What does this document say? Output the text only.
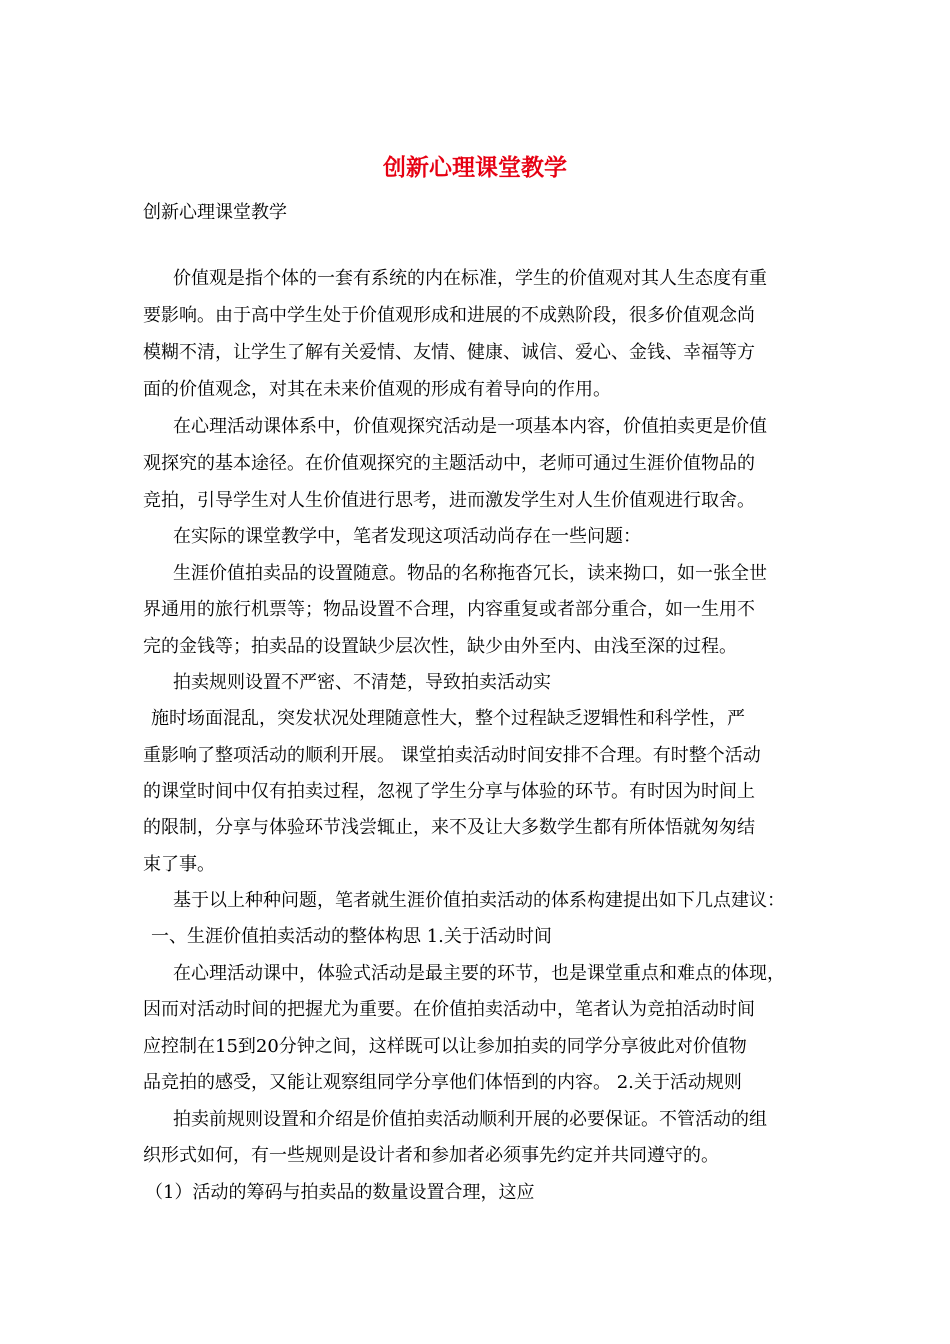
创新心理课堂教学
创新心理课堂教学
价值观是指个体的一套有系统的内在标准，学生的价值观对其人生态度有重
要影响。由于高中学生处于价值观形成和进展的不成熟阶段，很多价值观念尚
模糊不清，让学生了解有关爱情、友情、健康、诚信、爱心、金钱、幸福等方
面的价值观念，对其在未来价值观的形成有着导向的作用。
在心理活动课体系中，价值观探究活动是一项基本内容，价值拍卖更是价值
观探究的基本途径。在价值观探究的主题活动中，老师可通过生涯价值物品的
竞拍，引导学生对人生价值进行思考，进而激发学生对人生价值观进行取舍。
在实际的课堂教学中，笔者发现这项活动尚存在一些问题：
生涯价值拍卖品的设置随意。物品的名称拖沓冗长，读来拗口，如一张全世
界通用的旅行机票等；物品设置不合理，内容重复或者部分重合，如一生用不
完的金钱等；拍卖品的设置缺少层次性，缺少由外至内、由浅至深的过程。
拍卖规则设置不严密、不清楚，导致拍卖活动实
施时场面混乱，突发状况处理随意性大，整个过程缺乏逻辑性和科学性，严
重影响了整项活动的顺利开展。 课堂拍卖活动时间安排不合理。有时整个活动
的课堂时间中仅有拍卖过程，忽视了学生分享与体验的环节。有时因为时间上
的限制，分享与体验环节浅尝辄止，来不及让大多数学生都有所体悟就匆匆结
束了事。
基于以上种种问题，笔者就生涯价值拍卖活动的体系构建提出如下几点建议：
一、生涯价值拍卖活动的整体构思 1.关于活动时间
在心理活动课中，体验式活动是最主要的环节，也是课堂重点和难点的体现，
因而对活动时间的把握尤为重要。在价值拍卖活动中，笔者认为竞拍活动时间
应控制在15到20分钟之间，这样既可以让参加拍卖的同学分享彼此对价值物
品竞拍的感受，又能让观察组同学分享他们体悟到的内容。 2.关于活动规则
拍卖前规则设置和介绍是价值拍卖活动顺利开展的必要保证。不管活动的组
织形式如何，有一些规则是设计者和参加者必须事先约定并共同遵守的。
（1）活动的筹码与拍卖品的数量设置合理，这应
